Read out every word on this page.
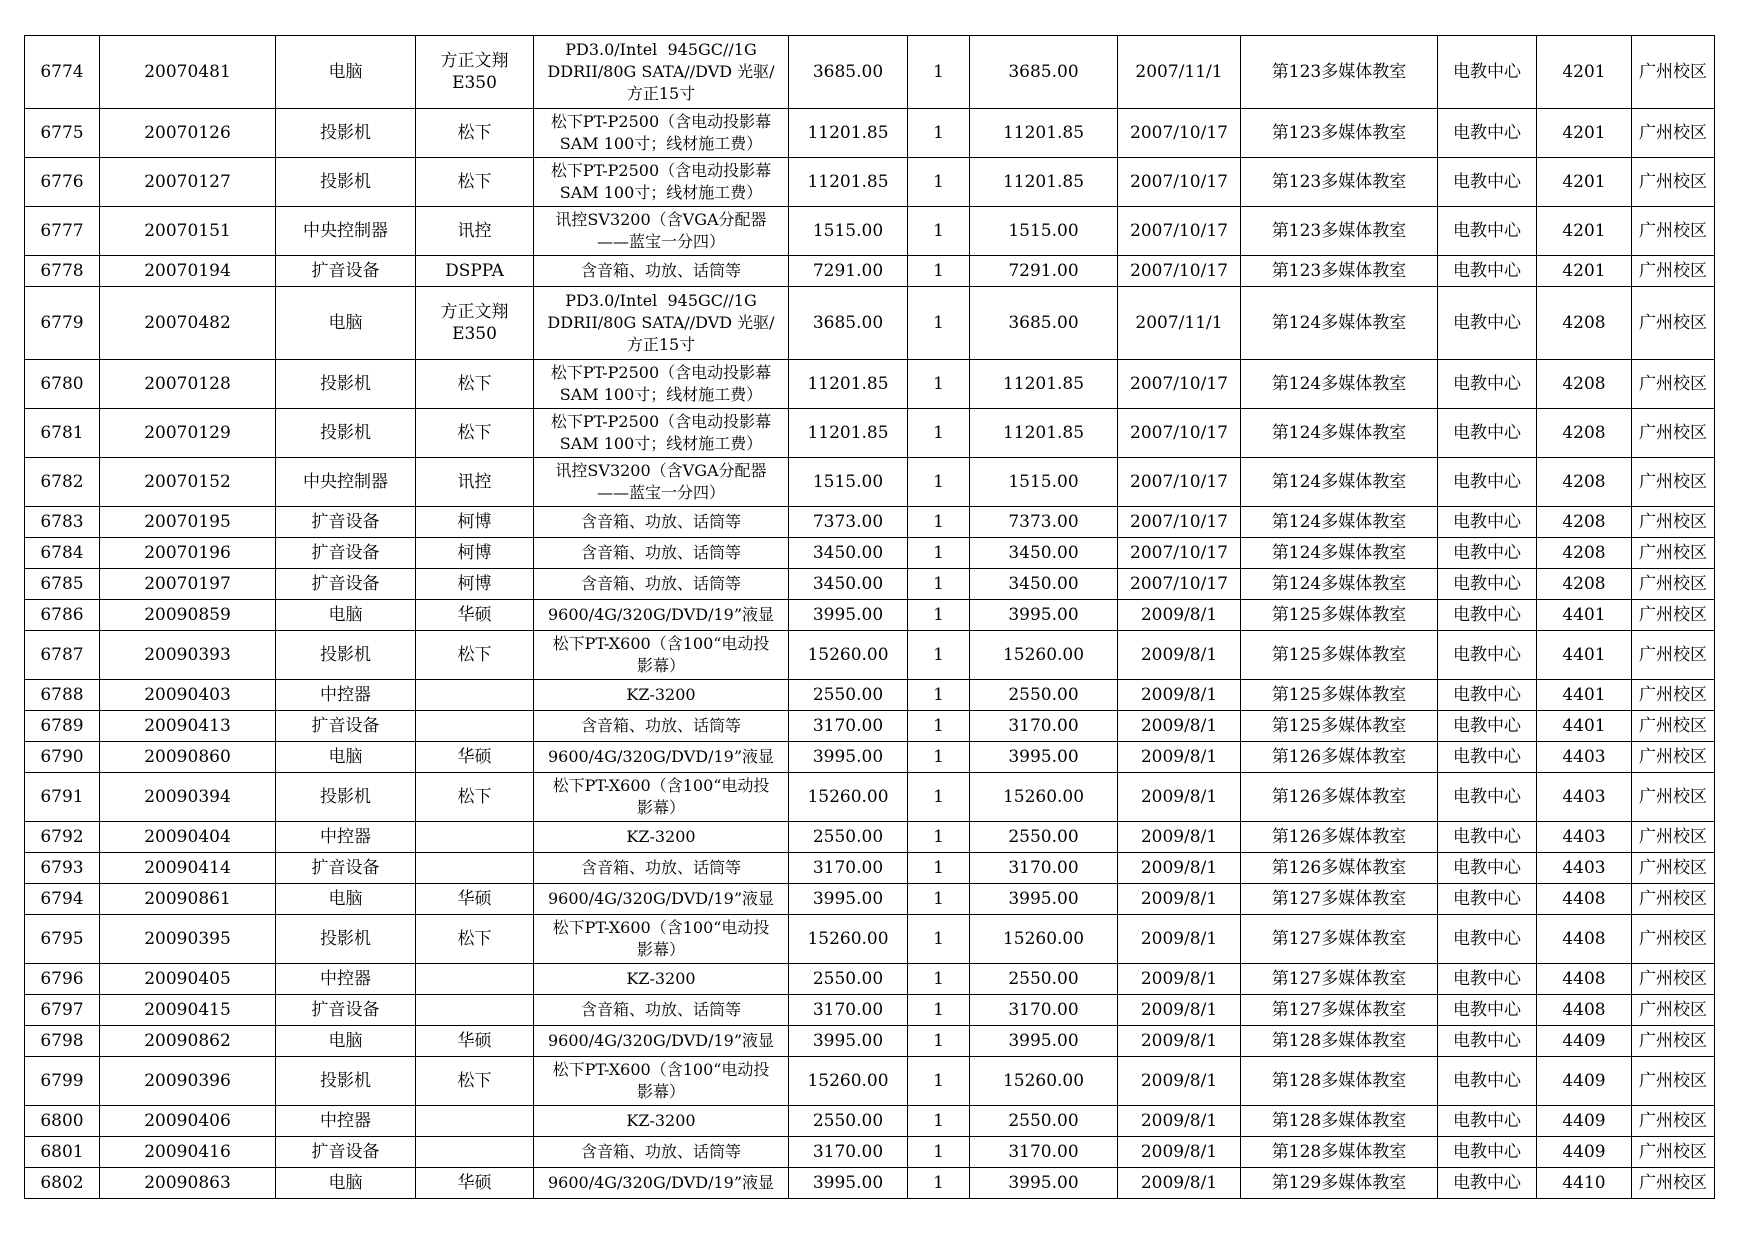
6774	20070481	电脑	方正文翔
E350	PD3.0/Intel  945GC//1G
DDRII/80G SATA//DVD 光驱/
方正15寸	3685.00	1	3685.00	2007/11/1	第123多媒体教室	电教中心	4201	广州校区
6775	20070126	投影机	松下	松下PT-P2500（含电动投影幕
SAM 100寸；线材施工费）	11201.85	1	11201.85	2007/10/17	第123多媒体教室	电教中心	4201	广州校区
6776	20070127	投影机	松下	松下PT-P2500（含电动投影幕
SAM 100寸；线材施工费）	11201.85	1	11201.85	2007/10/17	第123多媒体教室	电教中心	4201	广州校区
6777	20070151	中央控制器	讯控	讯控SV3200（含VGA分配器
——蓝宝一分四）	1515.00	1	1515.00	2007/10/17	第123多媒体教室	电教中心	4201	广州校区
6778	20070194	扩音设备	DSPPA	含音箱、功放、话筒等	7291.00	1	7291.00	2007/10/17	第123多媒体教室	电教中心	4201	广州校区
6779	20070482	电脑	方正文翔
E350	PD3.0/Intel  945GC//1G
DDRII/80G SATA//DVD 光驱/
方正15寸	3685.00	1	3685.00	2007/11/1	第124多媒体教室	电教中心	4208	广州校区
6780	20070128	投影机	松下	松下PT-P2500（含电动投影幕
SAM 100寸；线材施工费）	11201.85	1	11201.85	2007/10/17	第124多媒体教室	电教中心	4208	广州校区
6781	20070129	投影机	松下	松下PT-P2500（含电动投影幕
SAM 100寸；线材施工费）	11201.85	1	11201.85	2007/10/17	第124多媒体教室	电教中心	4208	广州校区
6782	20070152	中央控制器	讯控	讯控SV3200（含VGA分配器
——蓝宝一分四）	1515.00	1	1515.00	2007/10/17	第124多媒体教室	电教中心	4208	广州校区
6783	20070195	扩音设备	柯博	含音箱、功放、话筒等	7373.00	1	7373.00	2007/10/17	第124多媒体教室	电教中心	4208	广州校区
6784	20070196	扩音设备	柯博	含音箱、功放、话筒等	3450.00	1	3450.00	2007/10/17	第124多媒体教室	电教中心	4208	广州校区
6785	20070197	扩音设备	柯博	含音箱、功放、话筒等	3450.00	1	3450.00	2007/10/17	第124多媒体教室	电教中心	4208	广州校区
6786	20090859	电脑	华硕	9600/4G/320G/DVD/19”液显	3995.00	1	3995.00	2009/8/1	第125多媒体教室	电教中心	4401	广州校区
6787	20090393	投影机	松下	松下PT-X600（含100“电动投
影幕）	15260.00	1	15260.00	2009/8/1	第125多媒体教室	电教中心	4401	广州校区
6788	20090403	中控器		KZ-3200	2550.00	1	2550.00	2009/8/1	第125多媒体教室	电教中心	4401	广州校区
6789	20090413	扩音设备		含音箱、功放、话筒等	3170.00	1	3170.00	2009/8/1	第125多媒体教室	电教中心	4401	广州校区
6790	20090860	电脑	华硕	9600/4G/320G/DVD/19”液显	3995.00	1	3995.00	2009/8/1	第126多媒体教室	电教中心	4403	广州校区
6791	20090394	投影机	松下	松下PT-X600（含100“电动投
影幕）	15260.00	1	15260.00	2009/8/1	第126多媒体教室	电教中心	4403	广州校区
6792	20090404	中控器		KZ-3200	2550.00	1	2550.00	2009/8/1	第126多媒体教室	电教中心	4403	广州校区
6793	20090414	扩音设备		含音箱、功放、话筒等	3170.00	1	3170.00	2009/8/1	第126多媒体教室	电教中心	4403	广州校区
6794	20090861	电脑	华硕	9600/4G/320G/DVD/19”液显	3995.00	1	3995.00	2009/8/1	第127多媒体教室	电教中心	4408	广州校区
6795	20090395	投影机	松下	松下PT-X600（含100“电动投
影幕）	15260.00	1	15260.00	2009/8/1	第127多媒体教室	电教中心	4408	广州校区
6796	20090405	中控器		KZ-3200	2550.00	1	2550.00	2009/8/1	第127多媒体教室	电教中心	4408	广州校区
6797	20090415	扩音设备		含音箱、功放、话筒等	3170.00	1	3170.00	2009/8/1	第127多媒体教室	电教中心	4408	广州校区
6798	20090862	电脑	华硕	9600/4G/320G/DVD/19”液显	3995.00	1	3995.00	2009/8/1	第128多媒体教室	电教中心	4409	广州校区
6799	20090396	投影机	松下	松下PT-X600（含100“电动投
影幕）	15260.00	1	15260.00	2009/8/1	第128多媒体教室	电教中心	4409	广州校区
6800	20090406	中控器		KZ-3200	2550.00	1	2550.00	2009/8/1	第128多媒体教室	电教中心	4409	广州校区
6801	20090416	扩音设备		含音箱、功放、话筒等	3170.00	1	3170.00	2009/8/1	第128多媒体教室	电教中心	4409	广州校区
6802	20090863	电脑	华硕	9600/4G/320G/DVD/19”液显	3995.00	1	3995.00	2009/8/1	第129多媒体教室	电教中心	4410	广州校区
